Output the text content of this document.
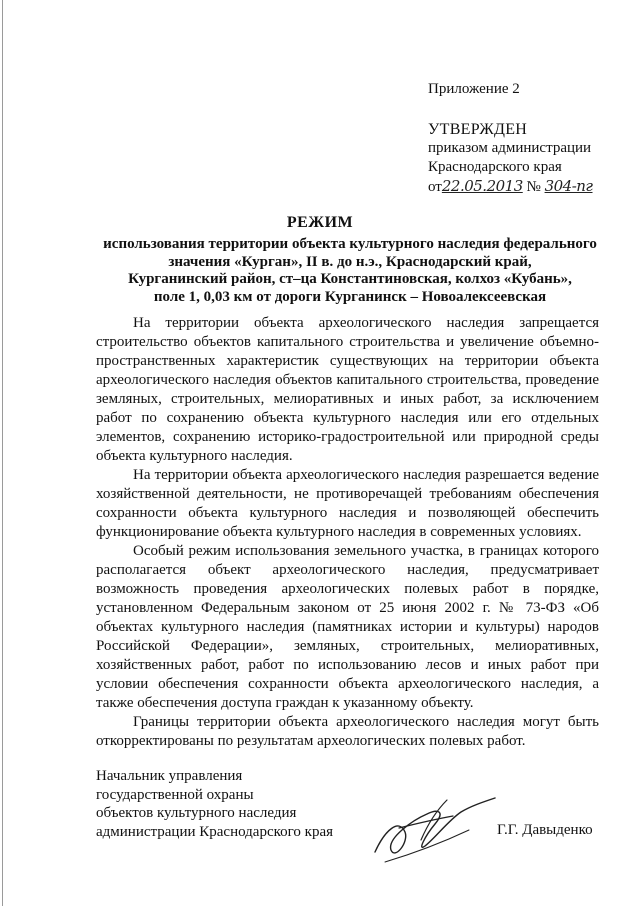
Приложение 2
УТВЕРЖДЕН
приказом администрации
Краснодарского края
от22.05.2013 № 304-пг
РЕЖИМ
использования территории объекта культурного наследия федерального
значения «Курган», II в. до н.э., Краснодарский край,
Курганинский район, ст–ца Константиновская, колхоз «Кубань»,
поле 1, 0,03 км от дороги Курганинск – Новоалексеевская

На территории объекта археологического наследия запрещается строительство объектов капитального строительства и увеличение объемно-пространственных характеристик существующих на территории объекта археологического наследия объектов капитального строительства, проведение земляных, строительных, мелиоративных и иных работ, за исключением работ по сохранению объекта культурного наследия или его отдельных элементов, сохранению историко-градостроительной или природной среды объекта культурного наследия.

На территории объекта археологического наследия разрешается ведение хозяйственной деятельности, не противоречащей требованиям обеспечения сохранности объекта культурного наследия и позволяющей обеспечить функционирование объекта культурного наследия в современных условиях.

Особый режим использования земельного участка, в границах которого располагается объект археологического наследия, предусматривает возможность проведения археологических полевых работ в порядке, установленном Федеральным законом от 25 июня 2002 г. № 73-ФЗ «Об объектах культурного наследия (памятниках истории и культуры) народов Российской Федерации», земляных, строительных, мелиоративных, хозяйственных работ, работ по использованию лесов и иных работ при условии обеспечения сохранности объекта археологического наследия, а также обеспечения доступа граждан к указанному объекту.

Границы территории объекта археологического наследия могут быть откорректированы по результатам археологических полевых работ.

Начальник управления
государственной охраны
объектов культурного наследия
администрации Краснодарского края	Г.Г. Давыденко
